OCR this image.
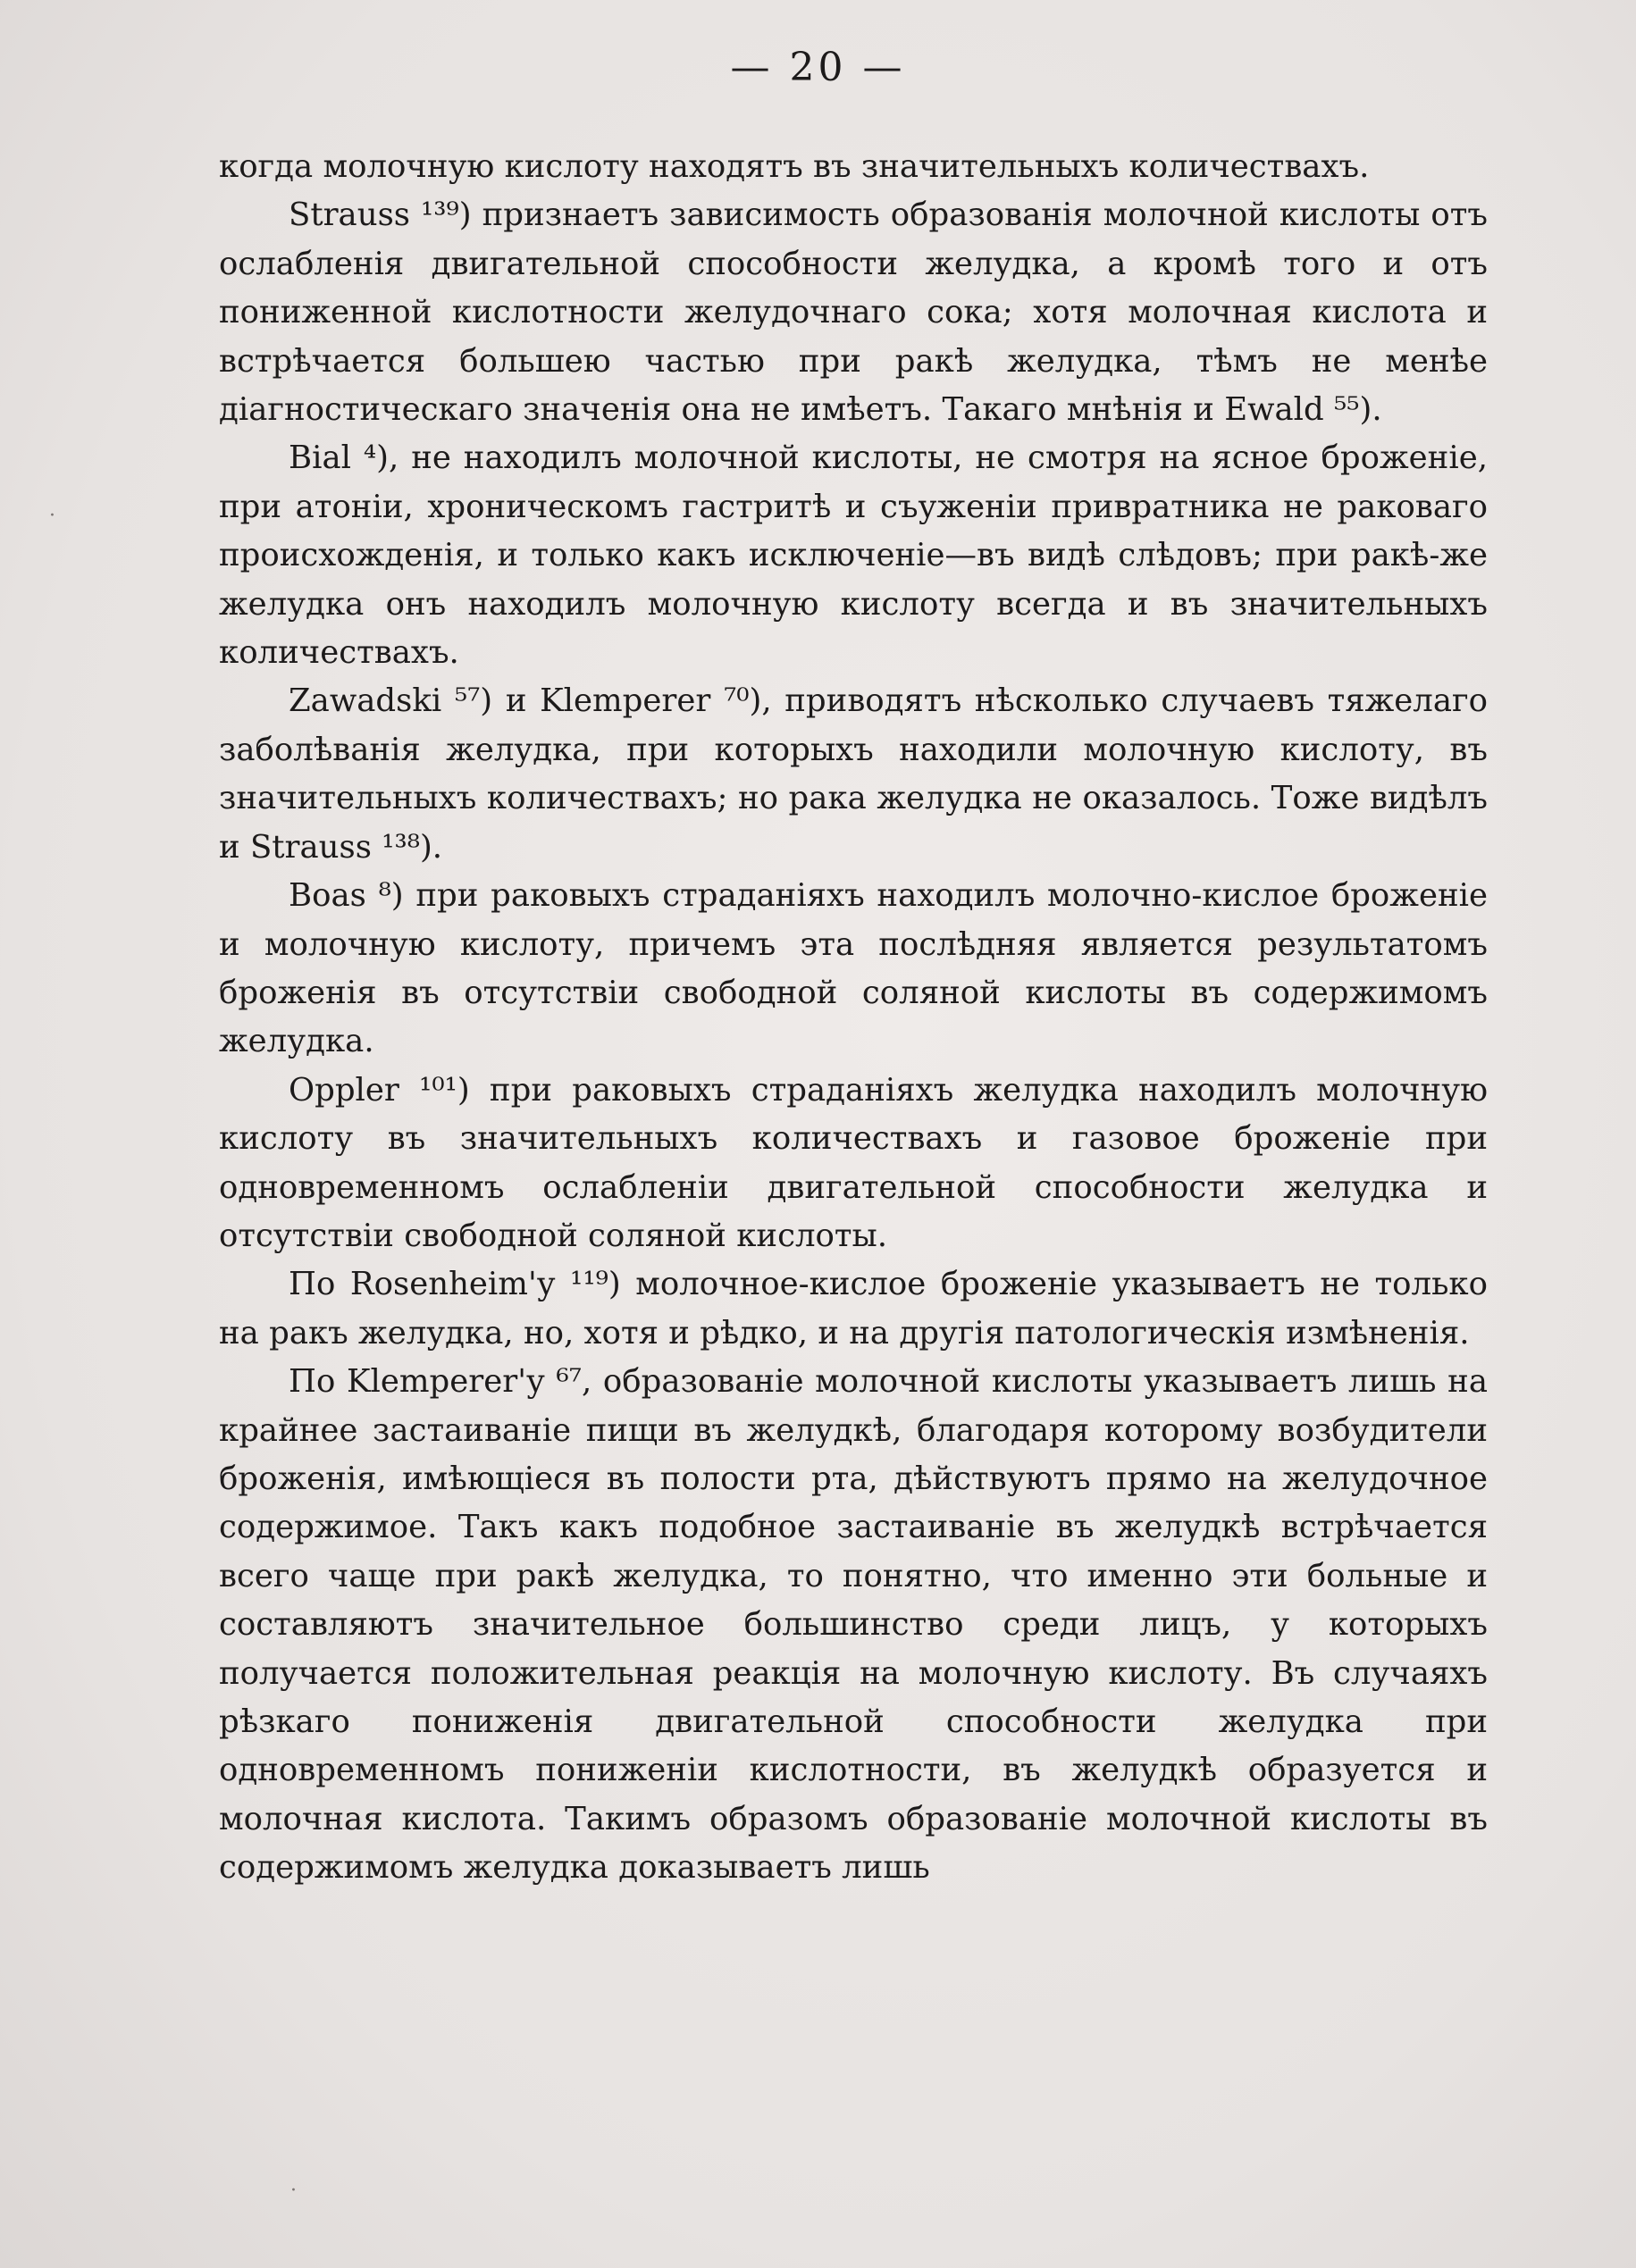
— 20 —

когда молочную кислоту находятъ въ значительныхъ количествахъ.

Strauss ¹³⁹) признаетъ зависимость образованія молочной кислоты отъ ослабленія двигательной способности желудка, а кромѣ того и отъ пониженной кислотности желудочнаго сока; хотя молочная кислота и встрѣчается большею частью при ракѣ желудка, тѣмъ не менѣе діагностическаго значенія она не имѣетъ. Такаго мнѣнія и Ewald ⁵⁵).

Bial ⁴), не находилъ молочной кислоты, не смотря на ясное броженіе, при атоніи, хроническомъ гастритѣ и съуженіи привратника не раковаго происхожденія, и только какъ исключеніе—въ видѣ слѣдовъ; при ракѣ-же желудка онъ находилъ молочную кислоту всегда и въ значительныхъ количествахъ.

Zawadski ⁵⁷) и Klemperer ⁷⁰), приводятъ нѣсколько случаевъ тяжелаго заболѣванія желудка, при которыхъ находили молочную кислоту, въ значительныхъ количествахъ; но рака желудка не оказалось. Тоже видѣлъ и Strauss ¹³⁸).

Boas ⁸) при раковыхъ страданіяхъ находилъ молочно-кислое броженіе и молочную кислоту, причемъ эта послѣдняя является результатомъ броженія въ отсутствіи свободной соляной кислоты въ содержимомъ желудка.

Oppler ¹⁰¹) при раковыхъ страданіяхъ желудка находилъ молочную кислоту въ значительныхъ количествахъ и газовое броженіе при одновременномъ ослабленіи двигательной способности желудка и отсутствіи свободной соляной кислоты.

По Rosenheim'у ¹¹⁹) молочное-кислое броженіе указываетъ не только на ракъ желудка, но, хотя и рѣдко, и на другія патологическія измѣненія.

По Klemperer'у ⁶⁷, образованіе молочной кислоты указываетъ лишь на крайнее застаиваніе пищи въ желудкѣ, благодаря которому возбудители броженія, имѣющіеся въ полости рта, дѣйствуютъ прямо на желудочное содержимое. Такъ какъ подобное застаиваніе въ желудкѣ встрѣчается всего чаще при ракѣ желудка, то понятно, что именно эти больные и составляютъ значительное большинство среди лицъ, у которыхъ получается положительная реакція на молочную кислоту. Въ случаяхъ рѣзкаго пониженія двигательной способности желудка при одновременномъ пониженіи кислотности, въ желудкѣ образуется и молочная кислота. Такимъ образомъ образованіе молочной кислоты въ содержимомъ желудка доказываетъ лишь

·
·
